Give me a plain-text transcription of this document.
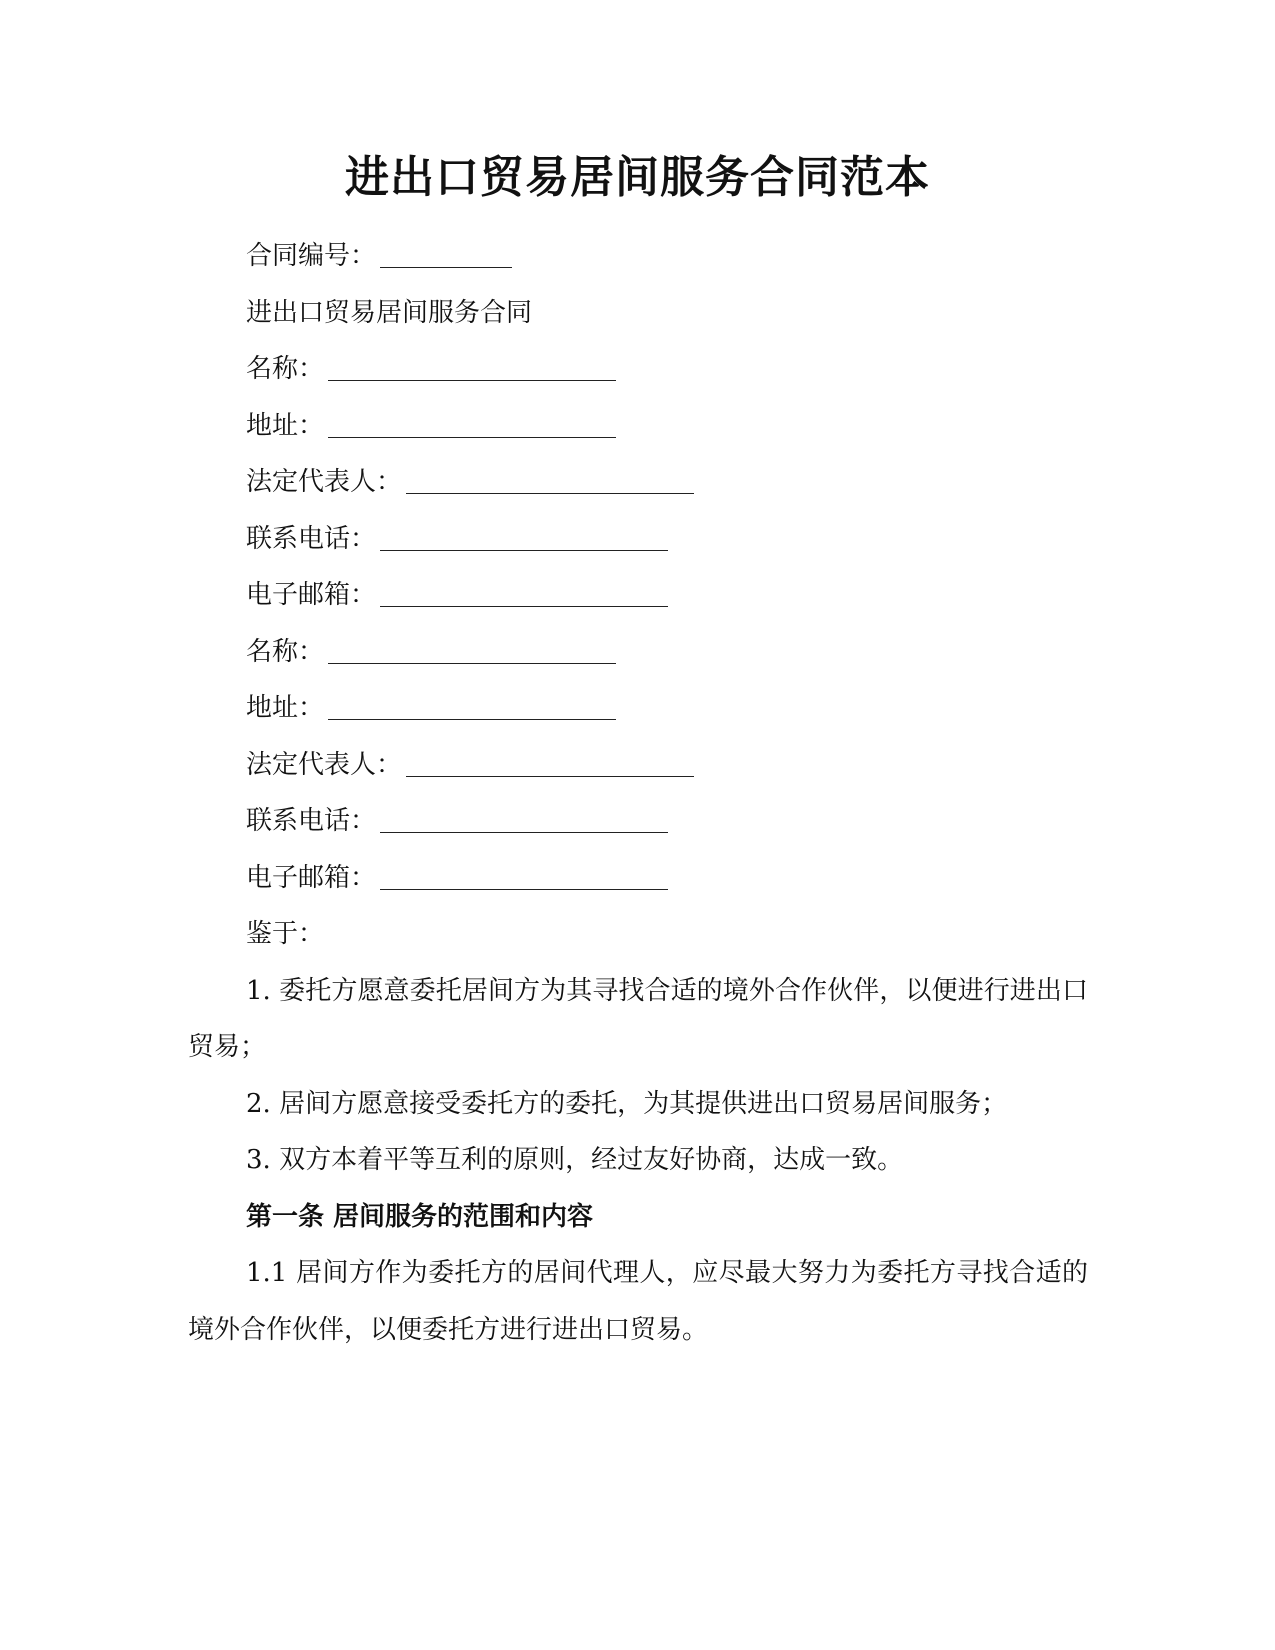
进出口贸易居间服务合同范本

合同编号：

进出口贸易居间服务合同

名称：

地址：

法定代表人：

联系电话：

电子邮箱：

名称：

地址：

法定代表人：

联系电话：

电子邮箱：

鉴于：

1. 委托方愿意委托居间方为其寻找合适的境外合作伙伴，以便进行进出口贸易；

2. 居间方愿意接受委托方的委托，为其提供进出口贸易居间服务；

3. 双方本着平等互利的原则，经过友好协商，达成一致。

第一条 居间服务的范围和内容

1.1 居间方作为委托方的居间代理人，应尽最大努力为委托方寻找合适的境外合作伙伴，以便委托方进行进出口贸易。
